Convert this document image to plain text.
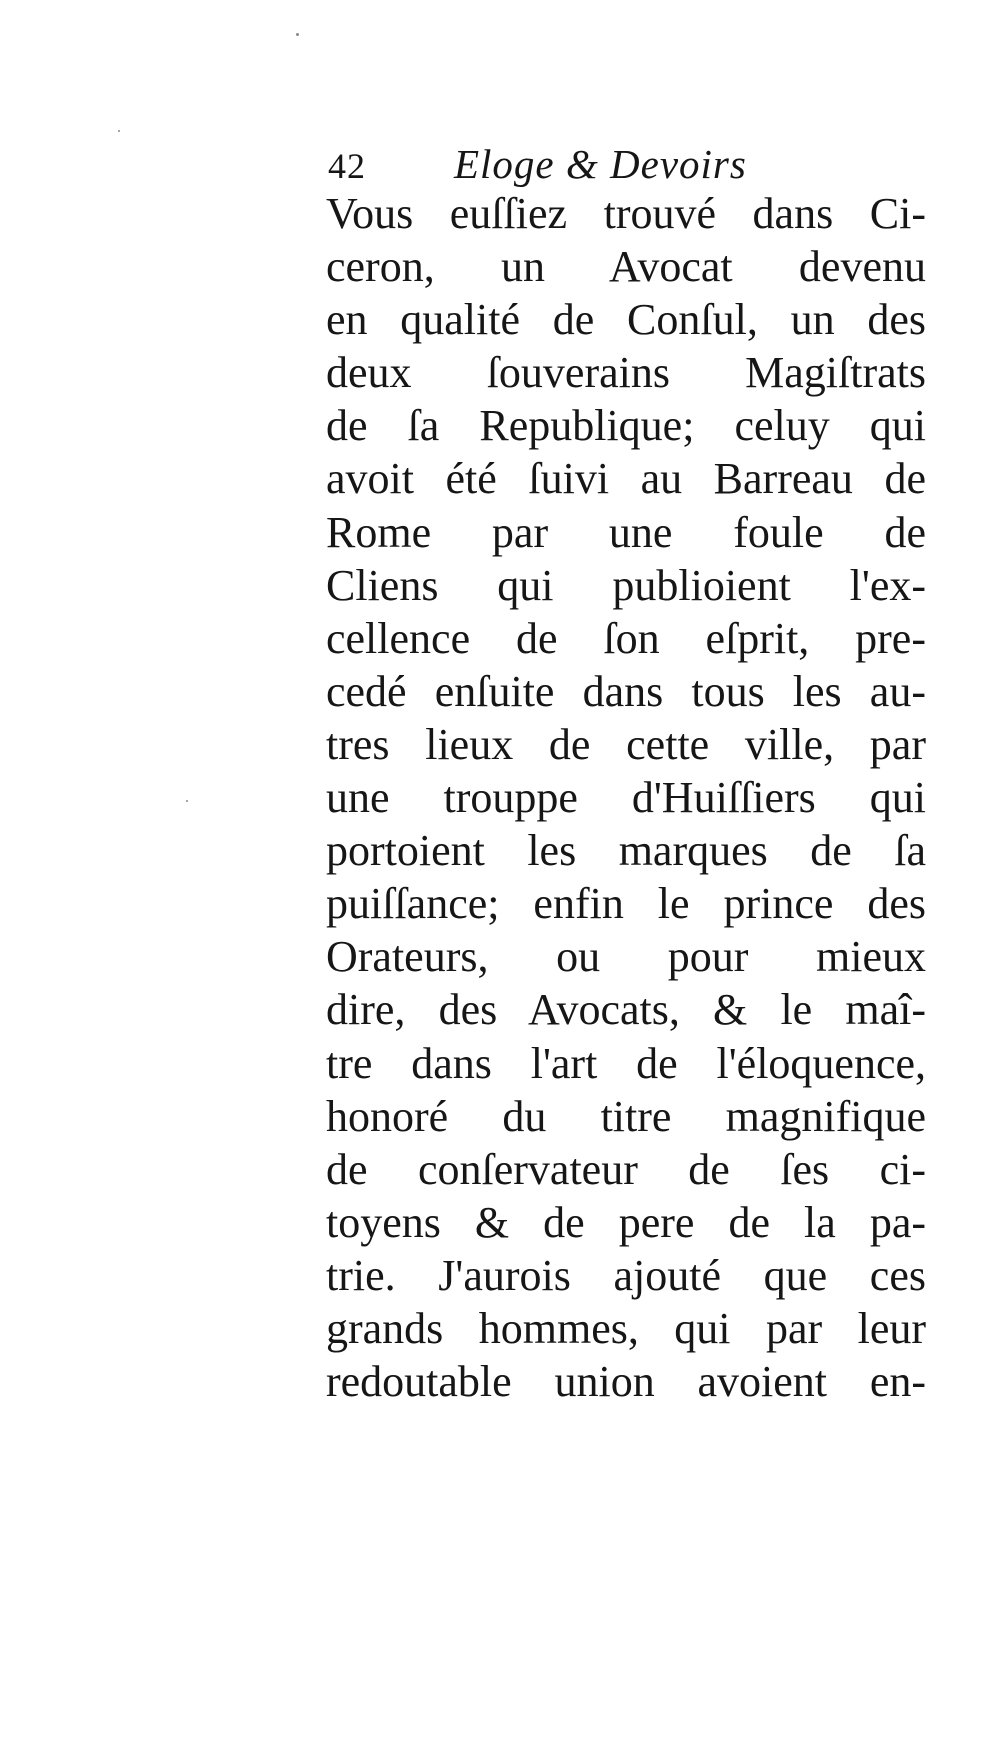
42 Eloge & Devoirs
Vous euſſiez trouvé dans Ci-
ceron, un Avocat devenu
en qualité de Conſul, un des
deux ſouverains Magiſtrats
de ſa Republique; celuy qui
avoit été ſuivi au Barreau de
Rome par une foule de
Cliens qui publioient l'ex-
cellence de ſon eſprit, pre-
cedé enſuite dans tous les au-
tres lieux de cette ville, par
une trouppe d'Huiſſiers qui
portoient les marques de ſa
puiſſance; enfin le prince des
Orateurs, ou pour mieux
dire, des Avocats, & le maî-
tre dans l'art de l'éloquence,
honoré du titre magnifique
de conſervateur de ſes ci-
toyens & de pere de la pa-
trie. J'aurois ajouté que ces
grands hommes, qui par leur
redoutable union avoient en-
